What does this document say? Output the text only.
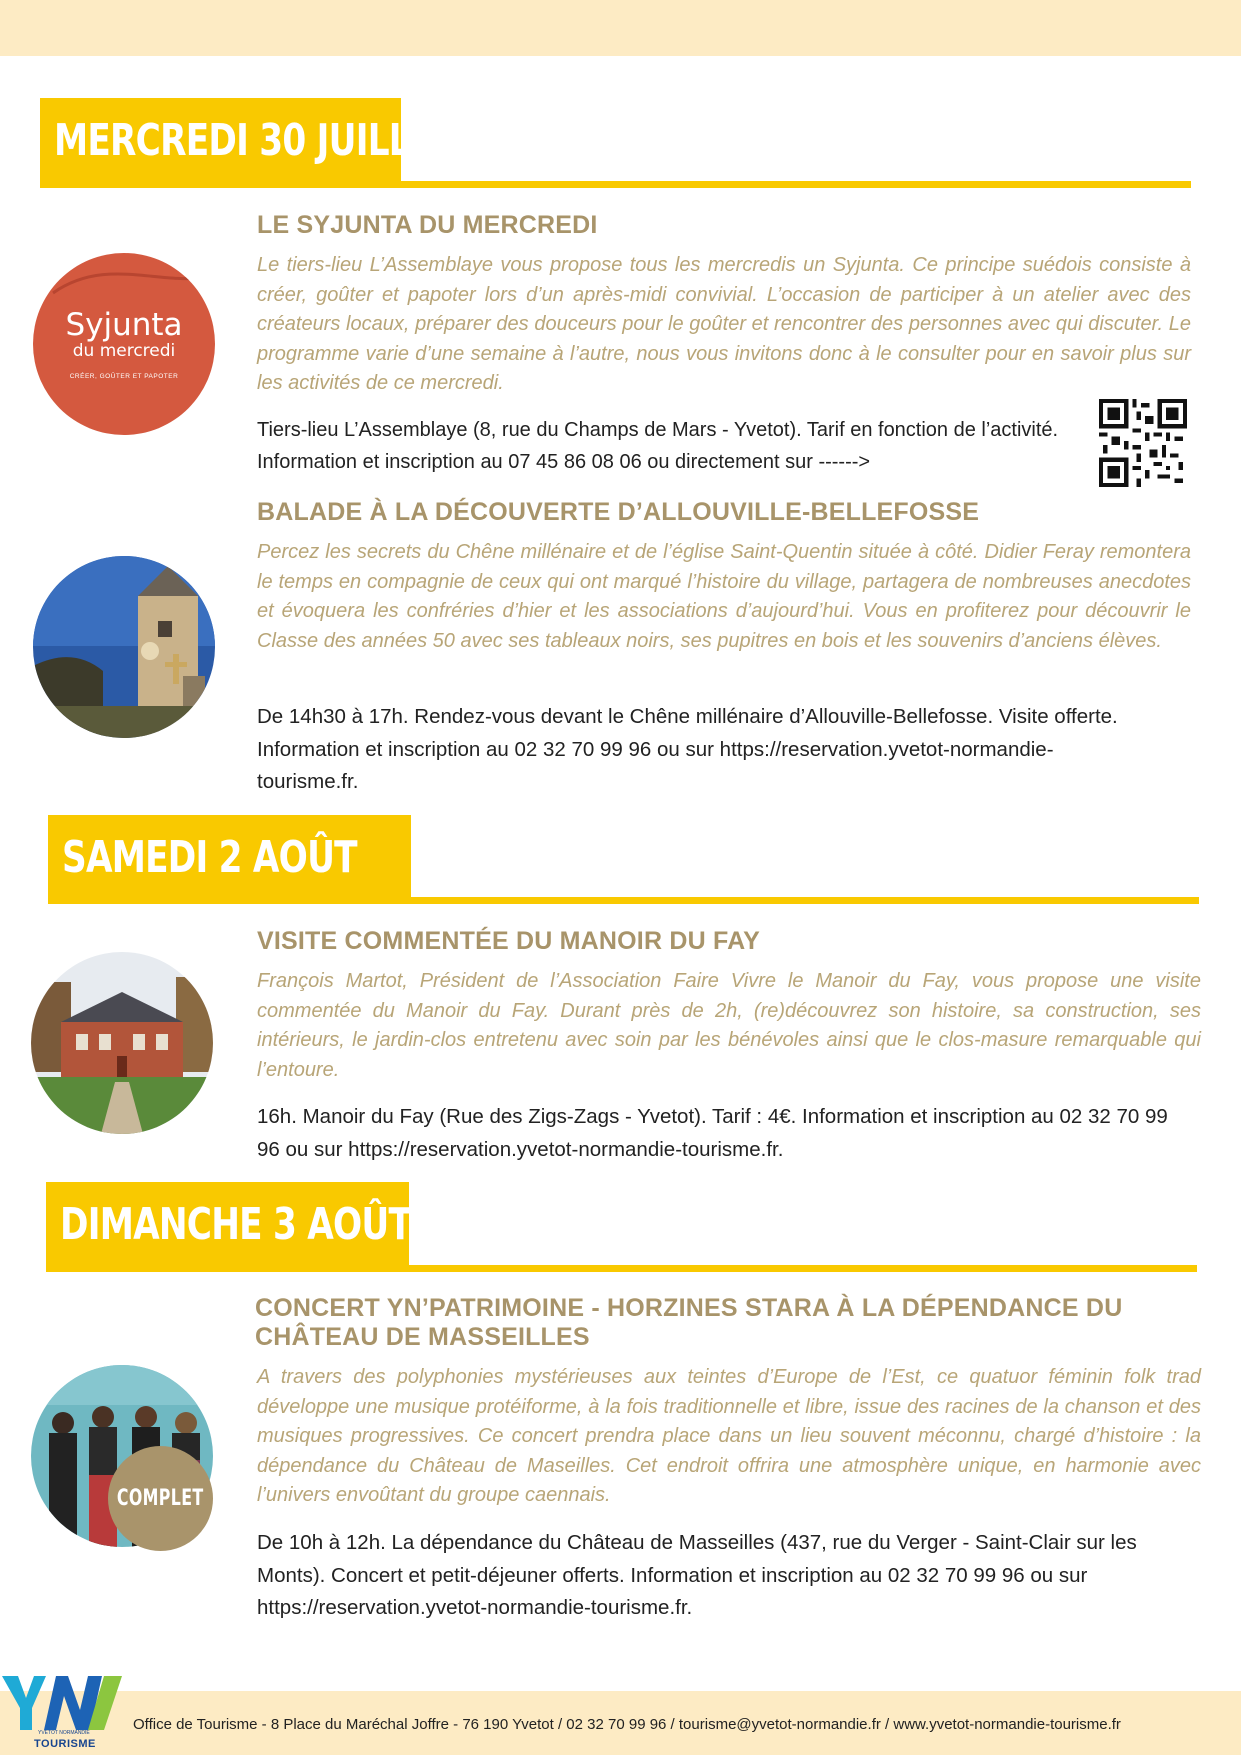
MERCREDI 30 JUILLET
Syjunta
du mercredi
CRÉER, GOÛTER ET PAPOTER
LE SYJUNTA DU MERCREDI

Le tiers-lieu L’Assemblaye vous propose tous les mercredis un Syjunta. Ce principe suédois consiste à créer, goûter et papoter lors d’un après-midi convivial. L’occasion de participer à un atelier avec des créateurs locaux, préparer des douceurs pour le goûter et rencontrer des personnes avec qui discuter. Le programme varie d’une semaine à l’autre, nous vous invitons donc à le consulter pour en savoir plus sur les activités de ce mercredi.

Tiers-lieu L’Assemblaye (8, rue du Champs de Mars - Yvetot). Tarif en fonction de l’activité. Information et inscription au 07 45 86 08 06 ou directement sur ------>

BALADE À LA DÉCOUVERTE D’ALLOUVILLE-BELLEFOSSE

Percez les secrets du Chêne millénaire et de l’église Saint-Quentin située à côté. Didier Feray remontera le temps en compagnie de ceux qui ont marqué l’histoire du village, partagera de nombreuses anecdotes et évoquera les confréries d’hier et les associations d’aujourd’hui. Vous en profiterez pour découvrir le Classe des années 50 avec ses tableaux noirs, ses pupitres en bois et les souvenirs d’anciens élèves.

De 14h30 à 17h. Rendez-vous devant le Chêne millénaire d’Allouville-Bellefosse. Visite offerte. Information et inscription au 02 32 70 99 96 ou sur https://reservation.yvetot-normandie-tourisme.fr.

SAMEDI 2 AOÛT
VISITE COMMENTÉE DU MANOIR DU FAY

François Martot, Président de l’Association Faire Vivre le Manoir du Fay, vous propose une visite commentée du Manoir du Fay. Durant près de 2h, (re)découvrez son histoire, sa construction, ses intérieurs, le jardin-clos entretenu avec soin par les bénévoles ainsi que le clos-masure remarquable qui l’entoure.

16h. Manoir du Fay (Rue des Zigs-Zags - Yvetot). Tarif : 4€. Information et inscription au 02 32 70 99 96 ou sur https://reservation.yvetot-normandie-tourisme.fr.

DIMANCHE 3 AOÛT
COMPLET
CONCERT YN’PATRIMOINE - HORZINES STARA À LA DÉPENDANCE DU CHÂTEAU DE MASSEILLES

A travers des polyphonies mystérieuses aux teintes d’Europe de l’Est, ce quatuor féminin folk trad développe une musique protéiforme, à la fois traditionnelle et libre, issue des racines de la chanson et des musiques progressives. Ce concert prendra place dans un lieu souvent méconnu, chargé d’histoire : la dépendance du Château de Maseilles. Cet endroit offrira une atmosphère unique, en harmonie avec l’univers envoûtant du groupe caennais.

De 10h à 12h. La dépendance du Château de Masseilles (437, rue du Verger - Saint-Clair sur les Monts). Concert et petit-déjeuner offerts. Information et inscription au 02 32 70 99 96 ou sur https://reservation.yvetot-normandie-tourisme.fr.

YVETOT NORMANDIE
TOURISME

Office de Tourisme - 8 Place du Maréchal Joffre - 76 190 Yvetot / 02 32 70 99 96 / tourisme@yvetot-normandie.fr / www.yvetot-normandie-tourisme.fr
